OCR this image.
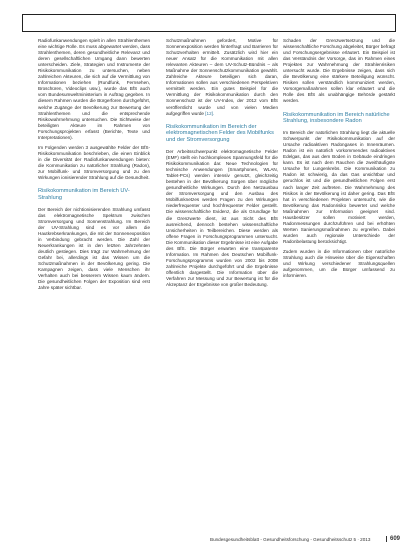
Radiofunkanwendungen spielt in allen Strahlenthemen eine wichtige Rolle. Es muss abgewartet werden, dass Strahlenthemen, deren gesundheitliche Relevanz und deren gesellschaftlichen Umgang dann bewerten unterscheiden. Ziele, Strategien und Instrumente der Risikokommunikation zu untersuchen, neben zahlreichen Akteuren, die sich auf die Vermittlung von Informationen beziehen (Rundfunk, Fernsehen, Broschüren, Videoclips usw.), wurde das BfS auch vom Bundesumweltministerium in Auftrag gegeben. In diesem Rahmen wurden die Bürgerforen durchgeführt, welche Zugänge der Bevölkerung zur Bewertung der Strahlenthemen und die entsprechende Risikowahrnehmung untersuchen. Die Sichtweise der beteiligten Akteure im Rahmen von Forschungsprojekten erfasst (Berichte, Texte und Interpretationen).

Im Folgenden werden 3 ausgewählte Felder der BfS-Risikokommunikation beschrieben, die einen Einblick in die Diversität der Radiofunkanwendungen bieten: die Kommunikation zu natürlicher Strahlung (Radon), zur Mobilfunk- und Stromversorgung und zu den Wirkungen ionisierender Strahlung auf die Gesundheit.

Risikokommunikation im Bereich UV-Strahlung

Der Bereich der nichtionisierenden Strahlung umfasst das elektromagnetische Spektrum zwischen Stromversorgung und Sonnenstrahlung. Im Bereich der UV-Strahlung sind es vor allem die Hautkrebserkrankungen, die mit der Sonnenexposition in Verbindung gebracht werden. Die Zahl der Neuerkrankungen ist in den letzten Jahrzehnten deutlich gestiegen. Dies trägt zur Wahrnehmung der Gefahr bei, allerdings ist das Wissen um die Schutzmaßnahmen in der Bevölkerung gering. Die Kampagnen zeigen, dass viele Menschen ihr Verhalten auch bei besserem Wissen kaum ändern. Die gesundheitlichen Folgen der Exposition sind erst Jahre später sichtbar.

Schutzmaßnahmen gefordert, Motive für Sonnenexposition werden hinterfragt und Barrieren für Schutzverhalten ermittelt. Zusätzlich wird hier ein neuer Ansatz für die Kommunikation mit allen relevanten Akteuren – dem UV-Schutz-Bündnis – als Maßnahme der Sonnenschutzkommunikation gewählt. Zahlreiche Akteure beteiligen sich daran, Informationen sollen aus verschiedenen Perspektiven vermittelt werden. Ein gutes Beispiel für die Vermittlung der Risikokommunikation durch den Sonnenschutz ist der UV-Index, der 2012 vom BfS veröffentlicht wurde und von vielen Medien aufgegriffen wurde [12].

Risikokommunikation im Bereich der elektromagnetischen Felder des Mobilfunks und der Stromversorgung

Der Arbeitsschwerpunkt elektromagnetische Felder (EMF) stellt ein hochkomplexes Spannungsfeld für die Risikokommunikation dar. Neue Technologien für technische Anwendungen (Smartphones, WLAN, Tablet-PCs) werden intensiv genutzt, gleichzeitig bestehen in der Bevölkerung Sorgen über mögliche gesundheitliche Wirkungen. Durch den Netzausbau der Stromversorgung und den Ausbau des Mobilfunknetzes werden Fragen zu den Wirkungen niederfrequenter und hochfrequenter Felder gestellt. Die wissenschaftliche Evidenz, die als Grundlage für die Grenzwerte dient, ist aus Sicht des BfS ausreichend, dennoch bestehen wissenschaftliche Unsicherheiten in Teilbereichen. Diese werden als offene Fragen in Forschungsprogrammen untersucht. Die Kommunikation dieser Ergebnisse ist eine Aufgabe des BfS. Die Bürger erwarten eine transparente Information. Im Rahmen des Deutschen Mobilfunk-Forschungsprogramms wurden von 2002 bis 2008 zahlreiche Projekte durchgeführt und die Ergebnisse öffentlich dargestellt. Die Information über die Verfahren zur Messung und zur Bewertung ist für die Akzeptanz der Ergebnisse von großer Bedeutung.

Schaden der Grenzwertsetzung und die wissenschaftliche Forschung abgeleitet, Bürger befragt und Forschungsergebnisse erläutert. Ein Beispiel ist das Verständnis der Vorsorge, das im Rahmen eines Projektes zur Wahrnehmung der Strahlenrisiken untersucht wurde. Die Ergebnisse zeigen, dass sich die Bevölkerung eine stärkere Beteiligung wünscht. Risiken sollen verständlich kommuniziert werden, Vorsorgemaßnahmen sollen klar erläutert und die Rolle des BfS als unabhängige Behörde gestärkt werden.

Risikokommunikation im Bereich natürliche Strahlung, insbesondere Radon

Im Bereich der natürlichen Strahlung liegt die aktuelle Schwerpunkt der Risikokommunikation auf der Ursache radioaktiven Radongases in Innenräumen. Radon ist ein natürlich vorkommendes radioaktives Edelgas, das aus dem Boden in Gebäude eindringen kann. Es ist nach dem Rauchen die zweithäufigste Ursache für Lungenkrebs. Die Kommunikation zu Radon ist schwierig, da das Gas unsichtbar und geruchlos ist und die gesundheitlichen Folgen erst nach langer Zeit auftreten. Die Wahrnehmung des Risikos in der Bevölkerung ist daher gering. Das BfS hat in verschiedenen Projekten untersucht, wie die Bevölkerung das Radonrisiko bewertet und welche Maßnahmen zur Information geeignet sind. Hausbesitzer sollen motiviert werden, Radonmessungen durchzuführen und bei erhöhten Werten Sanierungsmaßnahmen zu ergreifen. Dabei wurden auch regionale Unterschiede der Radonbelastung berücksichtigt.

Zudem wurden in die Informationen über natürliche Strahlung auch die Hinweise über die Eigenschaften und Wirkung verschiedener Strahlungsquellen aufgenommen, um die Bürger umfassend zu informieren.

Bundesgesundheitsblatt - Gesundheitsforschung - Gesundheitsschutz 5 · 2013	609
